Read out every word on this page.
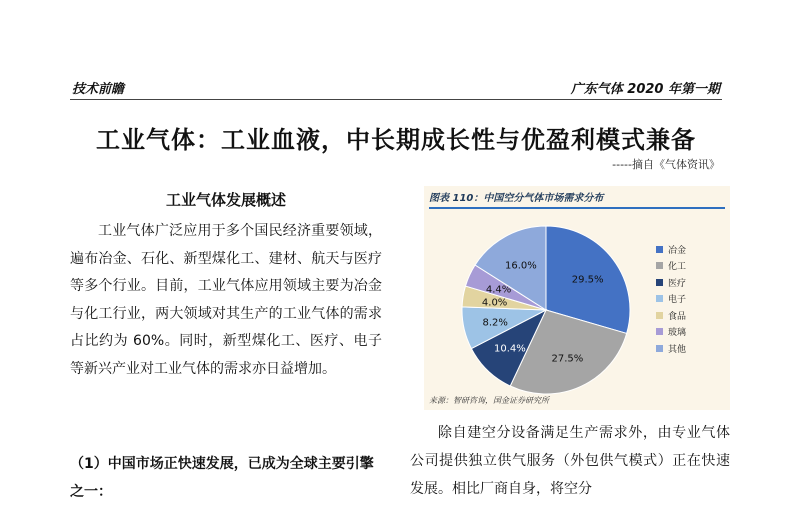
技术前瞻	广东气体 2020 年第一期
工业气体：工业血液，中长期成长性与优盈利模式兼备
-----摘自《气体资讯》
工业气体发展概述

工业气体广泛应用于多个国民经济重要领域，遍布冶金、石化、新型煤化工、建材、航天与医疗等多个行业。目前，工业气体应用领域主要为冶金与化工行业，两大领域对其生产的工业气体的需求占比约为 60%。同时，新型煤化工、医疗、电子等新兴产业对工业气体的需求亦日益增加。

（1）中国市场正快速发展，已成为全球主要引擎之一：
图表 110：中国空分气体市场需求分布
29.5%
27.5%
10.4%
8.2%
4.0%
4.4%
16.0%
冶金
化工
医疗
电子
食品
玻璃
其他
来源：智研咨询，国金证券研究所

除自建空分设备满足生产需求外，由专业气体公司提供独立供气服务（外包供气模式）正在快速发展。相比厂商自身，将空分
